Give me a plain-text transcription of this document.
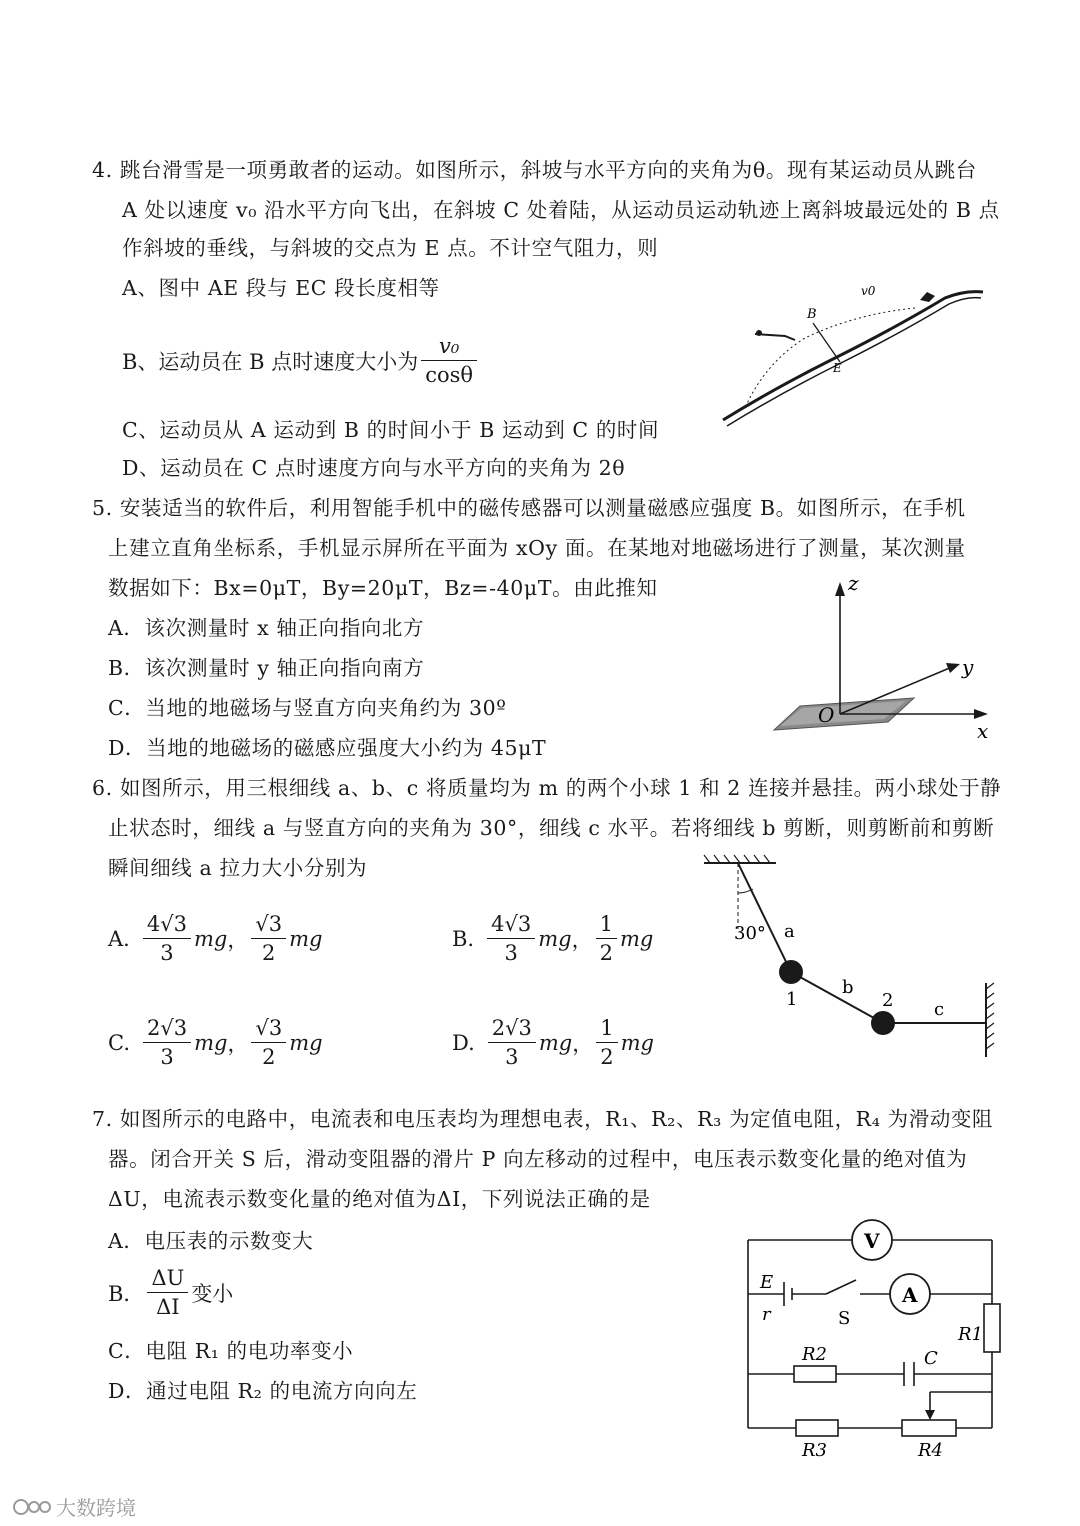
4. 跳台滑雪是一项勇敢者的运动。如图所示，斜坡与水平方向的夹角为θ。现有某运动员从跳台
A 处以速度 v₀ 沿水平方向飞出，在斜坡 C 处着陆，从运动员运动轨迹上离斜坡最远处的 B 点
作斜坡的垂线，与斜坡的交点为 E 点。不计空气阻力，则
A、图中 AE 段与 EC 段长度相等
B、运动员在 B 点时速度大小为 $\frac{\text{v₀}}{\cos\theta}$
C、运动员从 A 运动到 B 的时间小于 B 运动到 C 的时间
D、运动员在 C 点时速度方向与水平方向的夹角为 2θ
B
v0
E
5. 安装适当的软件后，利用智能手机中的磁传感器可以测量磁感应强度 B。如图所示，在手机
上建立直角坐标系，手机显示屏所在平面为 xOy 面。在某地对地磁场进行了测量，某次测量
数据如下：Bx=0μT，By=20μT，Bz=-40μT。由此推知
A．该次测量时 x 轴正向指向北方
B．该次测量时 y 轴正向指向南方
C．当地的地磁场与竖直方向夹角约为 30º
D．当地的地磁场的磁感应强度大小约为 45μT
z
y
x
O
6. 如图所示，用三根细线 a、b、c 将质量均为 m 的两个小球 1 和 2 连接并悬挂。两小球处于静
止状态时，细线 a 与竖直方向的夹角为 30°，细线 c 水平。若将细线 b 剪断，则剪断前和剪断
瞬间细线 a 拉力大小分别为
A. $\frac{4√3}{3}$ mg ， $\frac{√3}{2}$ mg	B. $\frac{4√3}{3}$ mg ， $\frac{1}{2}$ mg
C. $\frac{2√3}{3}$ mg ， $\frac{√3}{2}$ mg	D. $\frac{2√3}{3}$ mg ， $\frac{1}{2}$ mg
30° a
b
c
1	2
7. 如图所示的电路中，电流表和电压表均为理想电表，R₁、R₂、R₃ 为定值电阻，R₄ 为滑动变阻
器。闭合开关 S 后，滑动变阻器的滑片 P 向左移动的过程中，电压表示数变化量的绝对值为
ΔU，电流表示数变化量的绝对值为ΔI，下列说法正确的是
A．电压表的示数变大
B． $\frac{\Delta U}{\Delta I}$ 变小
C．电阻 R₁ 的电功率变小
D．通过电阻 R₂ 的电流方向向左
V
A
E
r	S
R1
R2	C
R3	R4
大数跨境
